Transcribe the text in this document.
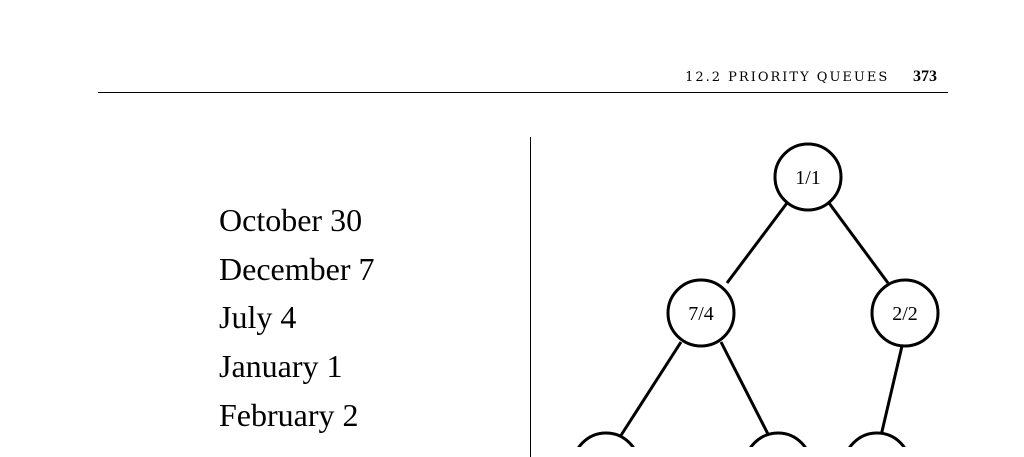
12.2 PRIORITY QUEUES 373
October 30
December 7
July 4
January 1
February 2
1/1
7/4	2/2
